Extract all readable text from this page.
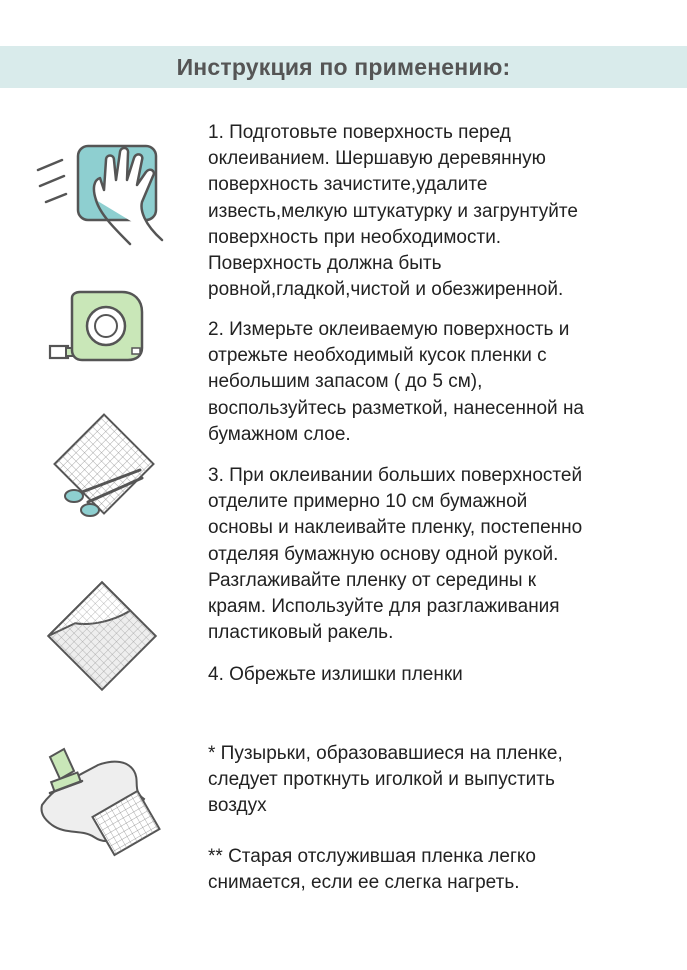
Инструкция по применению:
1. Подготовьте поверхность перед
оклеиванием. Шершавую деревянную
поверхность зачистите,удалите
известь,мелкую штукатурку и загрунтуйте
поверхность при необходимости.
Поверхность должна быть
ровной,гладкой,чистой и обезжиренной.
2. Измерьте оклеиваемую поверхность и
отрежьте необходимый кусок пленки с
небольшим запасом ( до 5 см),
воспользуйтесь разметкой, нанесенной на
бумажном слое.
3. При оклеивании больших поверхностей
отделите примерно 10 см бумажной
основы и наклеивайте пленку, постепенно
отделяя бумажную основу одной рукой.
Разглаживайте пленку от середины к
краям. Используйте для разглаживания
пластиковый ракель.
4. Обрежьте излишки пленки
* Пузырьки, образовавшиеся на пленке,
следует проткнуть иголкой и выпустить
воздух
** Старая отслужившая пленка легко
снимается, если ее слегка нагреть.
